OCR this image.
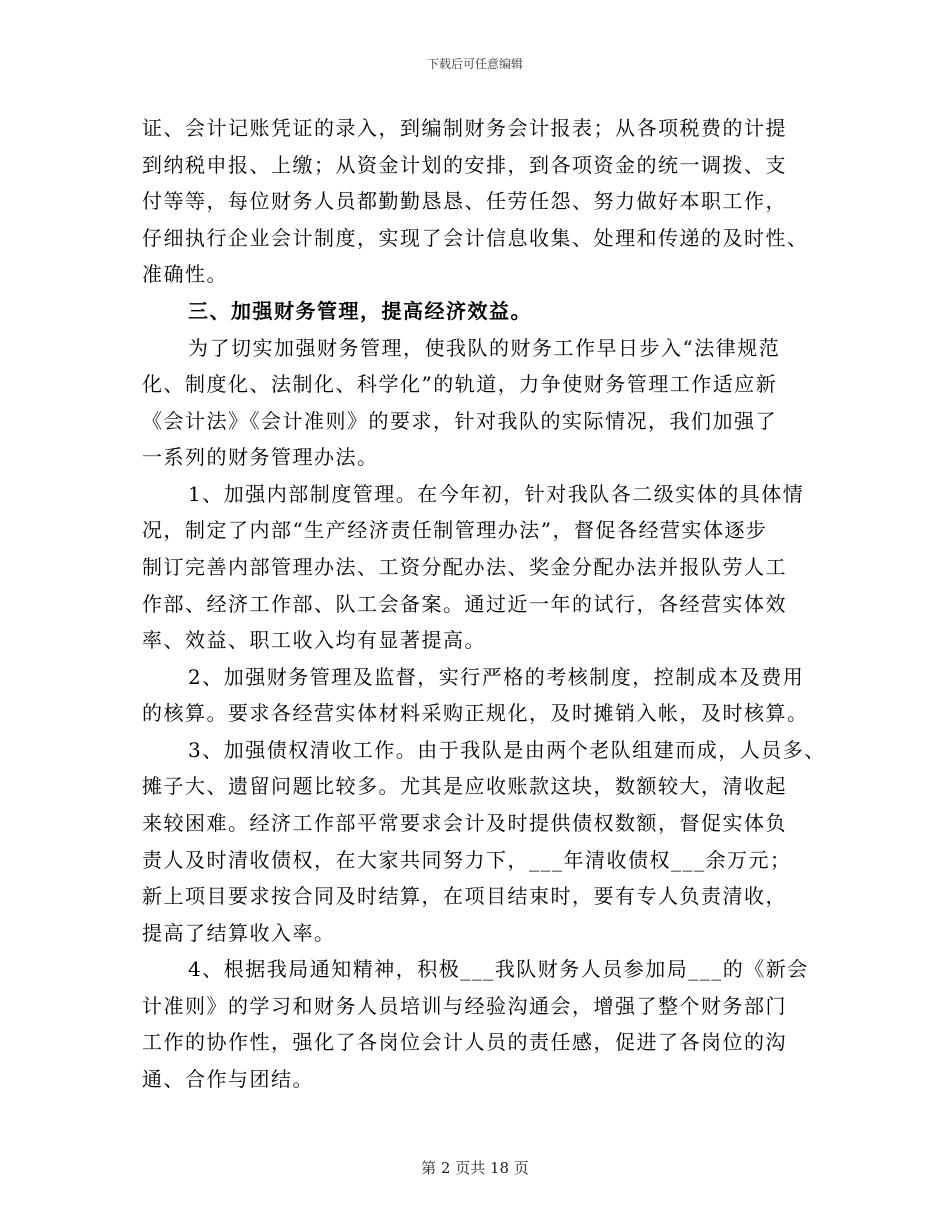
下载后可任意编辑
证、会计记账凭证的录入，到编制财务会计报表；从各项税费的计提
到纳税申报、上缴；从资金计划的安排，到各项资金的统一调拨、支
付等等，每位财务人员都勤勤恳恳、任劳任怨、努力做好本职工作，
仔细执行企业会计制度，实现了会计信息收集、处理和传递的及时性、
准确性。
三、加强财务管理，提高经济效益。
为了切实加强财务管理，使我队的财务工作早日步入“法律规范
化、制度化、法制化、科学化”的轨道，力争使财务管理工作适应新
《会计法》《会计准则》的要求，针对我队的实际情况，我们加强了
一系列的财务管理办法。
1、加强内部制度管理。在今年初，针对我队各二级实体的具体情
况，制定了内部“生产经济责任制管理办法”，督促各经营实体逐步
制订完善内部管理办法、工资分配办法、奖金分配办法并报队劳人工
作部、经济工作部、队工会备案。通过近一年的试行，各经营实体效
率、效益、职工收入均有显著提高。
2、加强财务管理及监督，实行严格的考核制度，控制成本及费用
的核算。要求各经营实体材料采购正规化，及时摊销入帐，及时核算。
3、加强债权清收工作。由于我队是由两个老队组建而成，人员多、
摊子大、遗留问题比较多。尤其是应收账款这块，数额较大，清收起
来较困难。经济工作部平常要求会计及时提供债权数额，督促实体负
责人及时清收债权，在大家共同努力下，___年清收债权___余万元；
新上项目要求按合同及时结算，在项目结束时，要有专人负责清收，
提高了结算收入率。
4、根据我局通知精神，积极___我队财务人员参加局___的《新会
计准则》的学习和财务人员培训与经验沟通会，增强了整个财务部门
工作的协作性，强化了各岗位会计人员的责任感，促进了各岗位的沟
通、合作与团结。
第 2 页共 18 页
